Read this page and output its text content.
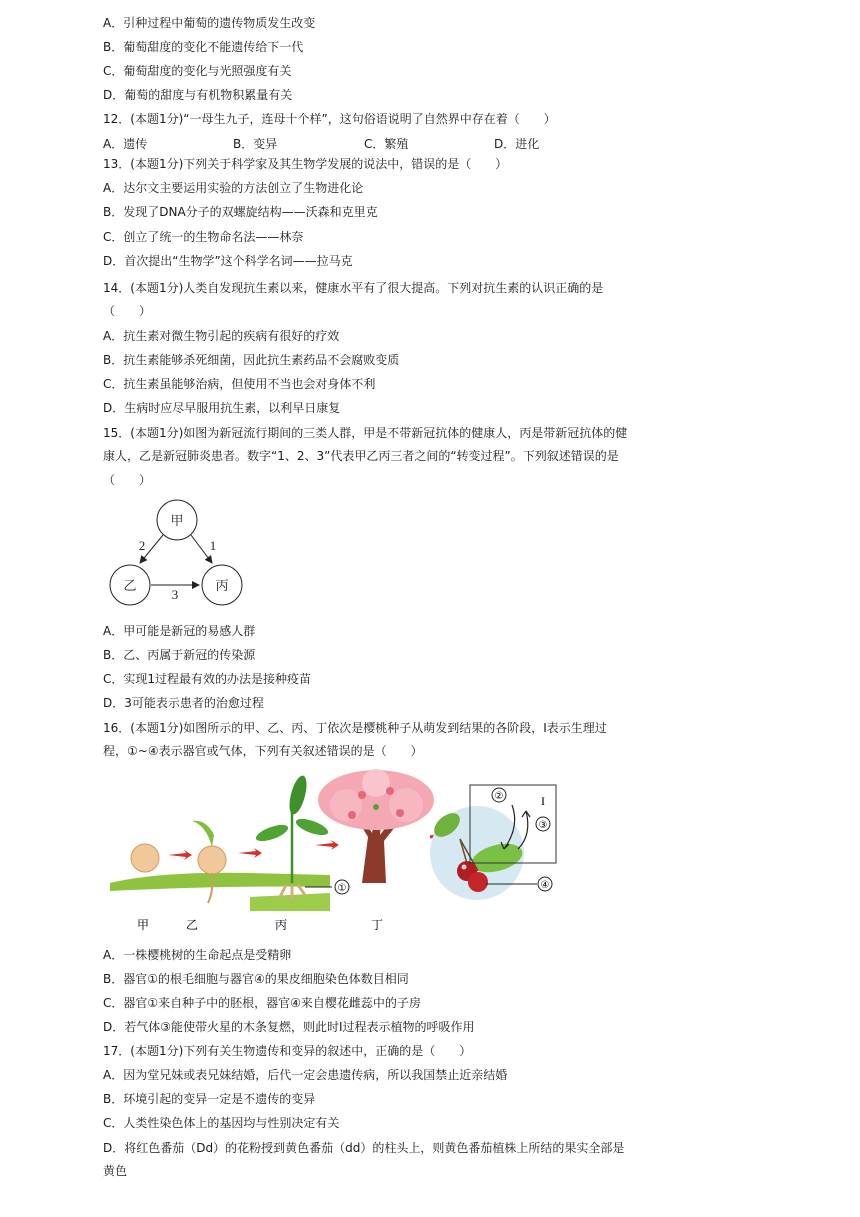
A．引种过程中葡萄的遗传物质发生改变
B．葡萄甜度的变化不能遗传给下一代
C．葡萄甜度的变化与光照强度有关
D．葡萄的甜度与有机物积累量有关
12．(本题1分)“一母生九子，连母十个样”，这句俗语说明了自然界中存在着（　　）
A．遗传	B．变异	C．繁殖	D．进化
13．(本题1分)下列关于科学家及其生物学发展的说法中，错误的是（　　）
A．达尔文主要运用实验的方法创立了生物进化论
B．发现了DNA分子的双螺旋结构——沃森和克里克
C．创立了统一的生物命名法——林奈
D．首次提出“生物学”这个科学名词——拉马克
14．(本题1分)人类自发现抗生素以来，健康水平有了很大提高。下列对抗生素的认识正确的是
（　　）
A．抗生素对微生物引起的疾病有很好的疗效
B．抗生素能够杀死细菌，因此抗生素药品不会腐败变质
C．抗生素虽能够治病，但使用不当也会对身体不利
D．生病时应尽早服用抗生素，以利早日康复
15．(本题1分)如图为新冠流行期间的三类人群，甲是不带新冠抗体的健康人，丙是带新冠抗体的健
康人，乙是新冠肺炎患者。数字“1、2、3”代表甲乙丙三者之间的“转变过程”。下列叙述错误的是
（　　）
甲
乙	丙
2	1
3
A．甲可能是新冠的易感人群
B．乙、丙属于新冠的传染源
C．实现1过程最有效的办法是接种疫苗
D．3可能表示患者的治愈过程
16．(本题1分)如图所示的甲、乙、丙、丁依次是樱桃种子从萌发到结果的各阶段，Ⅰ表示生理过
程，①~④表示器官或气体，下列有关叙述错误的是（　　）
①
②	I
③
④
甲	乙	丙	丁
A．一株樱桃树的生命起点是受精卵
B．器官①的根毛细胞与器官④的果皮细胞染色体数目相同
C．器官①来自种子中的胚根，器官④来自樱花雌蕊中的子房
D．若气体③能使带火星的木条复燃，则此时Ⅰ过程表示植物的呼吸作用
17．(本题1分)下列有关生物遗传和变异的叙述中，正确的是（　　）
A．因为堂兄妹或表兄妹结婚，后代一定会患遗传病，所以我国禁止近亲结婚
B．环境引起的变异一定是不遗传的变异
C．人类性染色体上的基因均与性别决定有关
D．将红色番茄（Dd）的花粉授到黄色番茄（dd）的柱头上，则黄色番茄植株上所结的果实全部是
黄色
